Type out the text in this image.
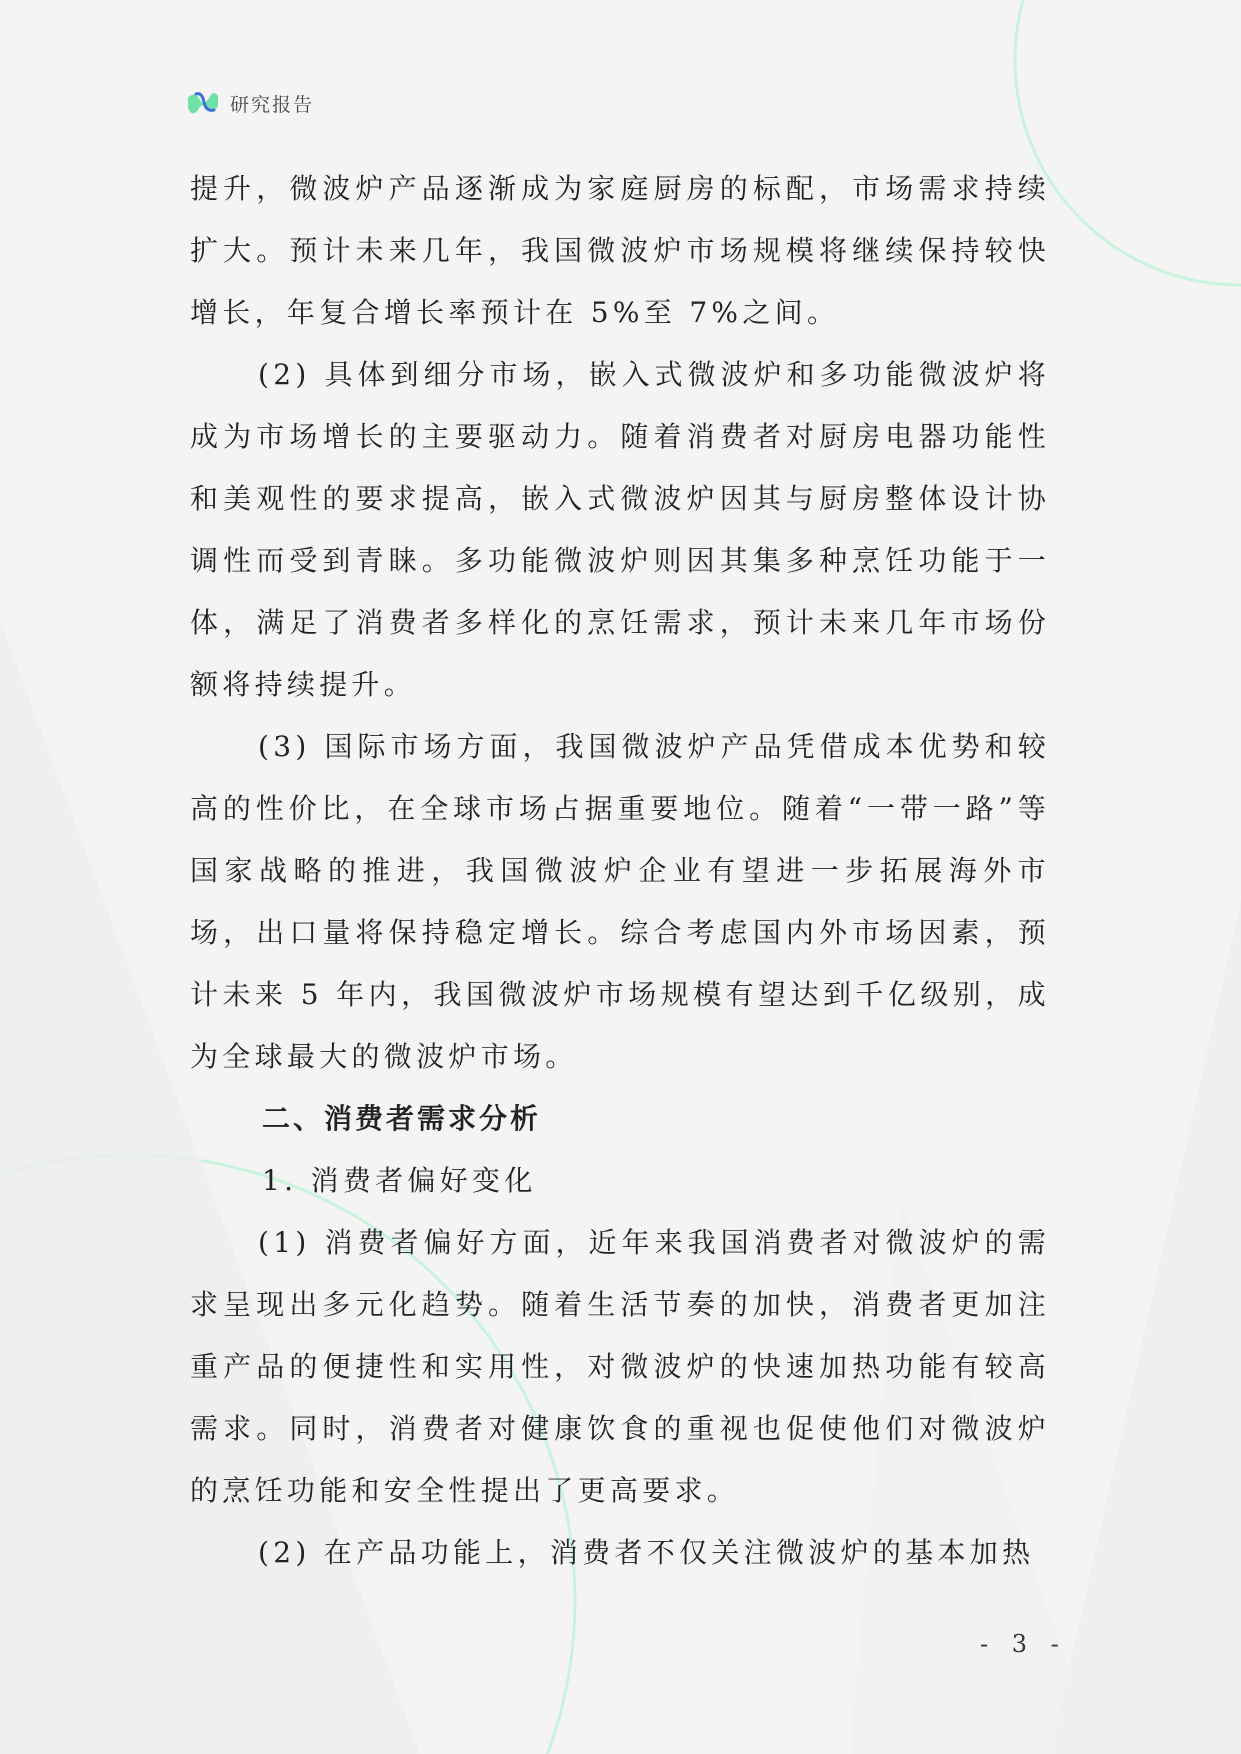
研究报告

提升，微波炉产品逐渐成为家庭厨房的标配，市场需求持续扩大。预计未来几年，我国微波炉市场规模将继续保持较快增长，年复合增长率预计在 5%至 7%之间。

(2) 具体到细分市场，嵌入式微波炉和多功能微波炉将成为市场增长的主要驱动力。随着消费者对厨房电器功能性和美观性的要求提高，嵌入式微波炉因其与厨房整体设计协调性而受到青睐。多功能微波炉则因其集多种烹饪功能于一体，满足了消费者多样化的烹饪需求，预计未来几年市场份额将持续提升。

(3) 国际市场方面，我国微波炉产品凭借成本优势和较高的性价比，在全球市场占据重要地位。随着“一带一路”等国家战略的推进，我国微波炉企业有望进一步拓展海外市场，出口量将保持稳定增长。综合考虑国内外市场因素，预计未来 5 年内，我国微波炉市场规模有望达到千亿级别，成为全球最大的微波炉市场。

二、消费者需求分析

1. 消费者偏好变化

(1) 消费者偏好方面，近年来我国消费者对微波炉的需求呈现出多元化趋势。随着生活节奏的加快，消费者更加注重产品的便捷性和实用性，对微波炉的快速加热功能有较高需求。同时，消费者对健康饮食的重视也促使他们对微波炉的烹饪功能和安全性提出了更高要求。

(2) 在产品功能上，消费者不仅关注微波炉的基本加热

- 3 -
